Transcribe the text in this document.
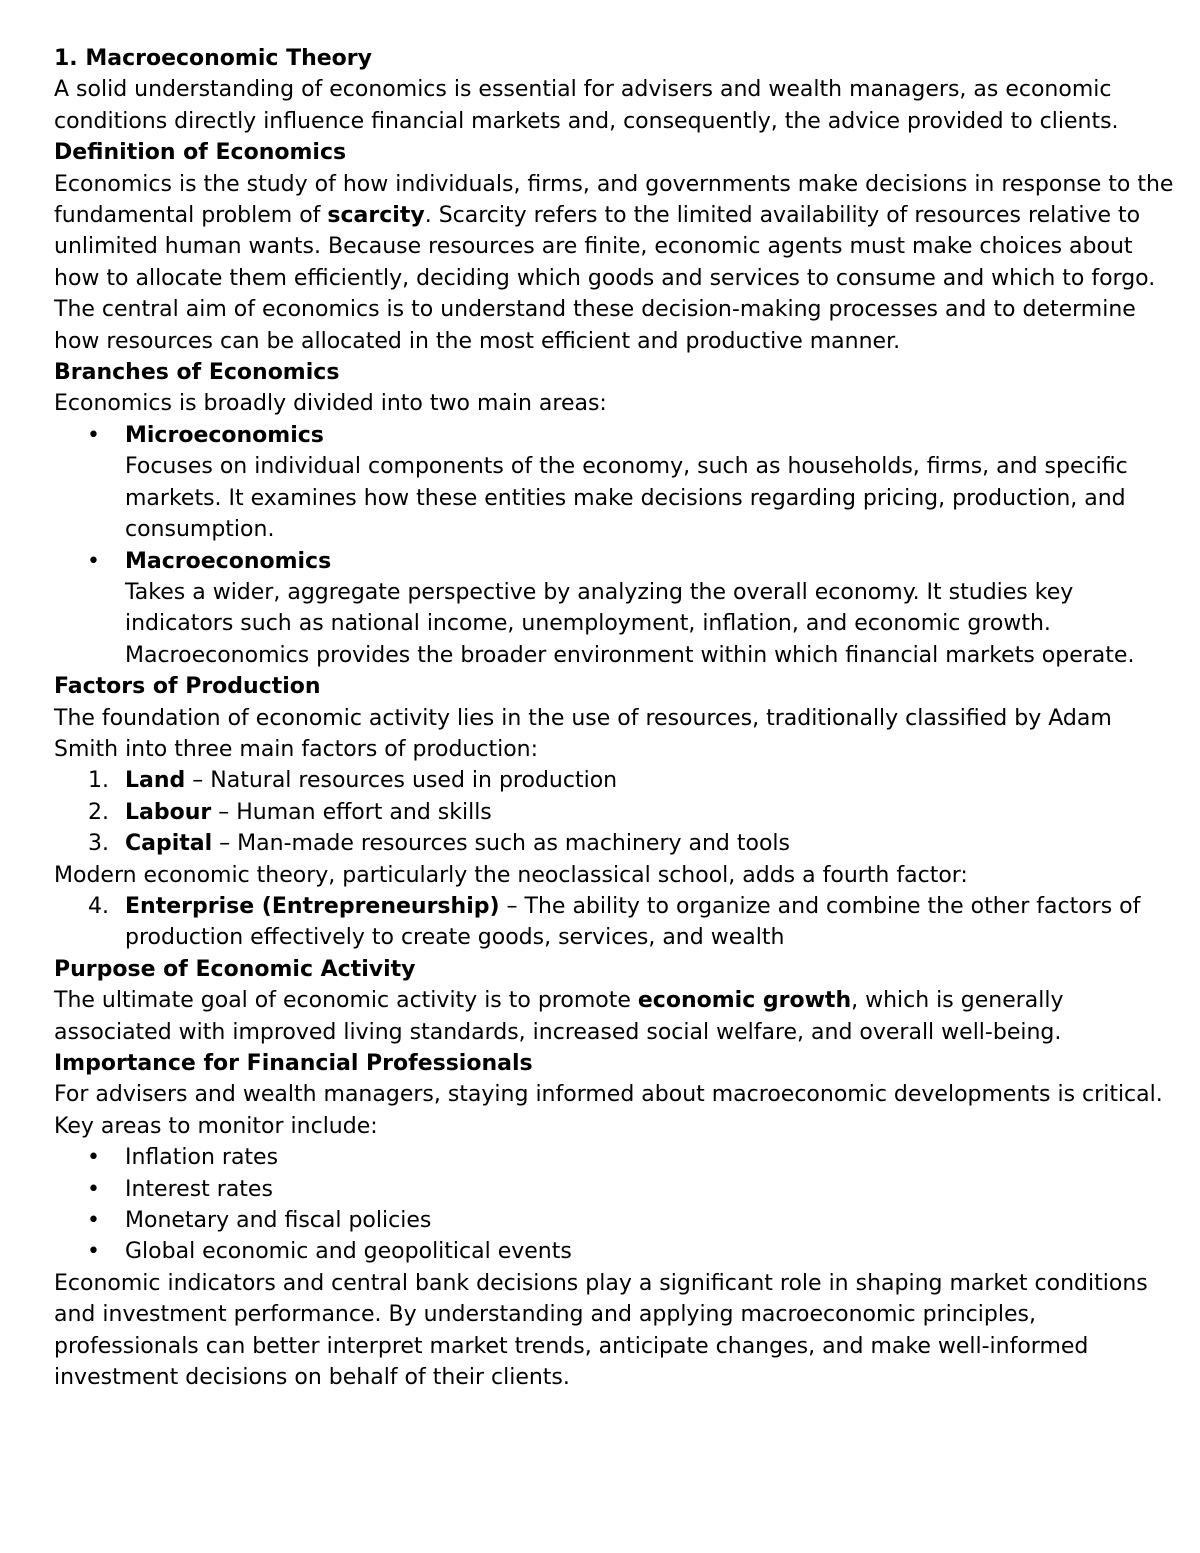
1. Macroeconomic Theory

A solid understanding of economics is essential for advisers and wealth managers, as economic conditions directly influence financial markets and, consequently, the advice provided to clients.

Definition of Economics

Economics is the study of how individuals, firms, and governments make decisions in response to the fundamental problem of scarcity. Scarcity refers to the limited availability of resources relative to unlimited human wants. Because resources are finite, economic agents must make choices about how to allocate them efficiently, deciding which goods and services to consume and which to forgo.

The central aim of economics is to understand these decision-making processes and to determine how resources can be allocated in the most efficient and productive manner.

Branches of Economics

Economics is broadly divided into two main areas:

• Microeconomics
Focuses on individual components of the economy, such as households, firms, and specific markets. It examines how these entities make decisions regarding pricing, production, and consumption.
• Macroeconomics
Takes a wider, aggregate perspective by analyzing the overall economy. It studies key indicators such as national income, unemployment, inflation, and economic growth. Macroeconomics provides the broader environment within which financial markets operate.
Factors of Production

The foundation of economic activity lies in the use of resources, traditionally classified by Adam Smith into three main factors of production:

1. Land – Natural resources used in production
2. Labour – Human effort and skills
3. Capital – Man-made resources such as machinery and tools

Modern economic theory, particularly the neoclassical school, adds a fourth factor:

4. Enterprise (Entrepreneurship) – The ability to organize and combine the other factors of production effectively to create goods, services, and wealth
Purpose of Economic Activity

The ultimate goal of economic activity is to promote economic growth, which is generally associated with improved living standards, increased social welfare, and overall well-being.

Importance for Financial Professionals

For advisers and wealth managers, staying informed about macroeconomic developments is critical. Key areas to monitor include:

• Inflation rates
• Interest rates
• Monetary and fiscal policies
• Global economic and geopolitical events

Economic indicators and central bank decisions play a significant role in shaping market conditions and investment performance. By understanding and applying macroeconomic principles, professionals can better interpret market trends, anticipate changes, and make well-informed investment decisions on behalf of their clients.
